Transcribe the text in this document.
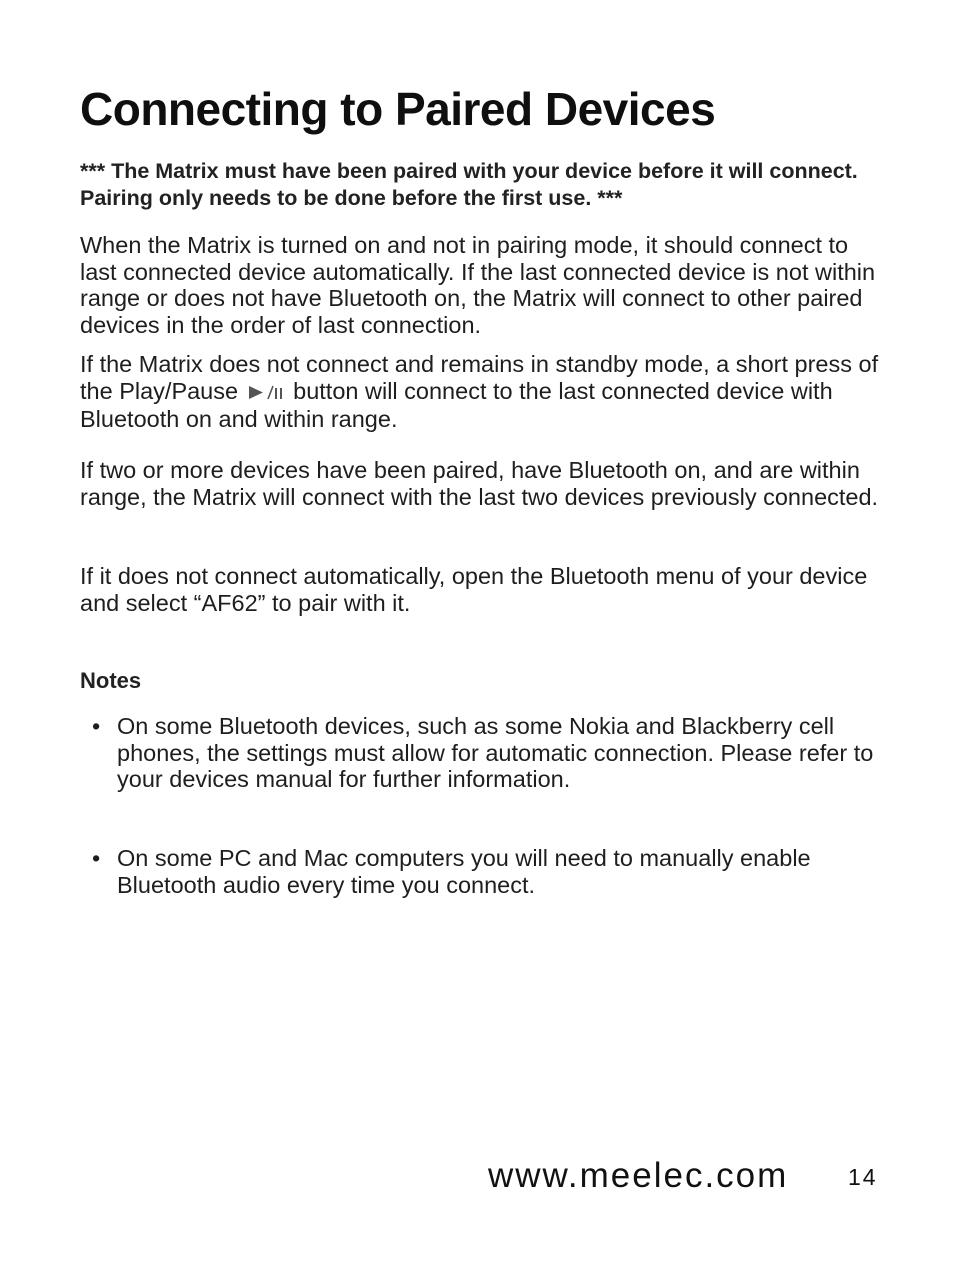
Connecting to Paired Devices

*** The Matrix must have been paired with your device before it will connect. Pairing only needs to be done before the first use. ***

When the Matrix is turned on and not in pairing mode, it should connect to last connected device automatically. If the last connected device is not within range or does not have Bluetooth on, the Matrix will connect to other paired devices in the order of last connection.

If the Matrix does not connect and remains in standby mode, a short press of the Play/Pause button will connect to the last connected device with Bluetooth on and within range.

If two or more devices have been paired, have Bluetooth on, and are within range, the Matrix will connect with the last two devices previously connected.

If it does not connect automatically, open the Bluetooth menu of your device and select “AF62” to pair with it.

Notes
• On some Bluetooth devices, such as some Nokia and Blackberry cell phones, the settings must allow for automatic connection. Please refer to your devices manual for further information.
• On some PC and Mac computers you will need to manually enable Bluetooth audio every time you connect.
www.meelec.com	14
